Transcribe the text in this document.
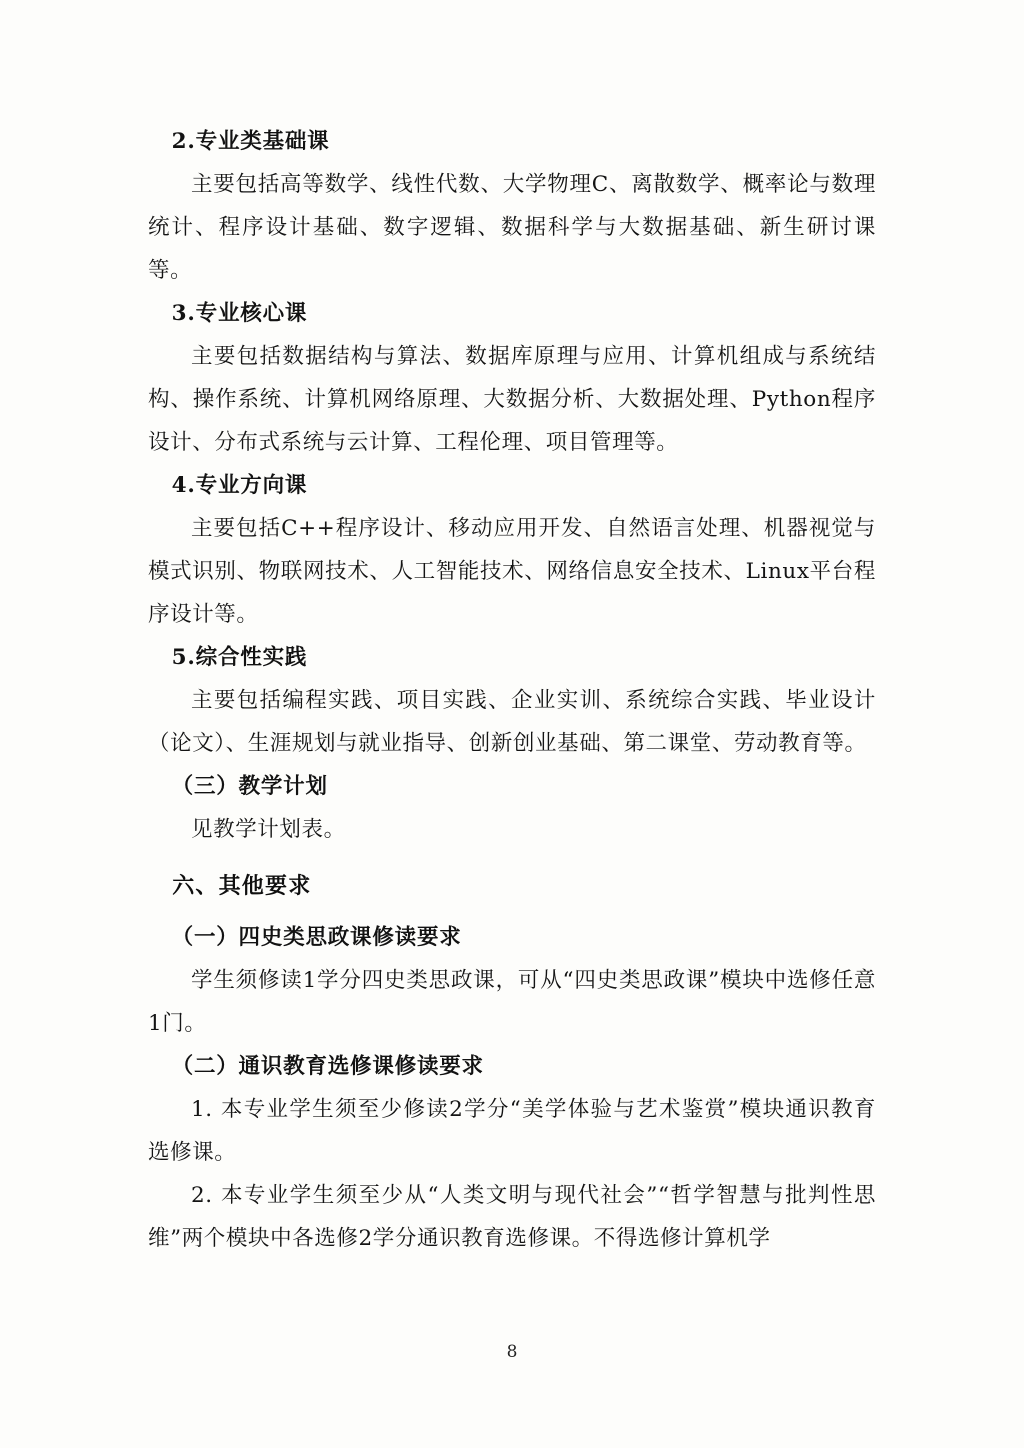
2.专业类基础课

主要包括高等数学、线性代数、大学物理C、离散数学、概率论与数理统计、程序设计基础、数字逻辑、数据科学与大数据基础、新生研讨课等。

3.专业核心课

主要包括数据结构与算法、数据库原理与应用、计算机组成与系统结构、操作系统、计算机网络原理、大数据分析、大数据处理、Python程序设计、分布式系统与云计算、工程伦理、项目管理等。

4.专业方向课

主要包括C++程序设计、移动应用开发、自然语言处理、机器视觉与模式识别、物联网技术、人工智能技术、网络信息安全技术、Linux平台程序设计等。

5.综合性实践

主要包括编程实践、项目实践、企业实训、系统综合实践、毕业设计（论文）、生涯规划与就业指导、创新创业基础、第二课堂、劳动教育等。

（三）教学计划

见教学计划表。

六、其他要求

（一）四史类思政课修读要求

学生须修读1学分四史类思政课，可从“四史类思政课”模块中选修任意1门。

（二）通识教育选修课修读要求

1. 本专业学生须至少修读2学分“美学体验与艺术鉴赏”模块通识教育选修课。

2. 本专业学生须至少从“人类文明与现代社会”“哲学智慧与批判性思维”两个模块中各选修2学分通识教育选修课。不得选修计算机学

8
